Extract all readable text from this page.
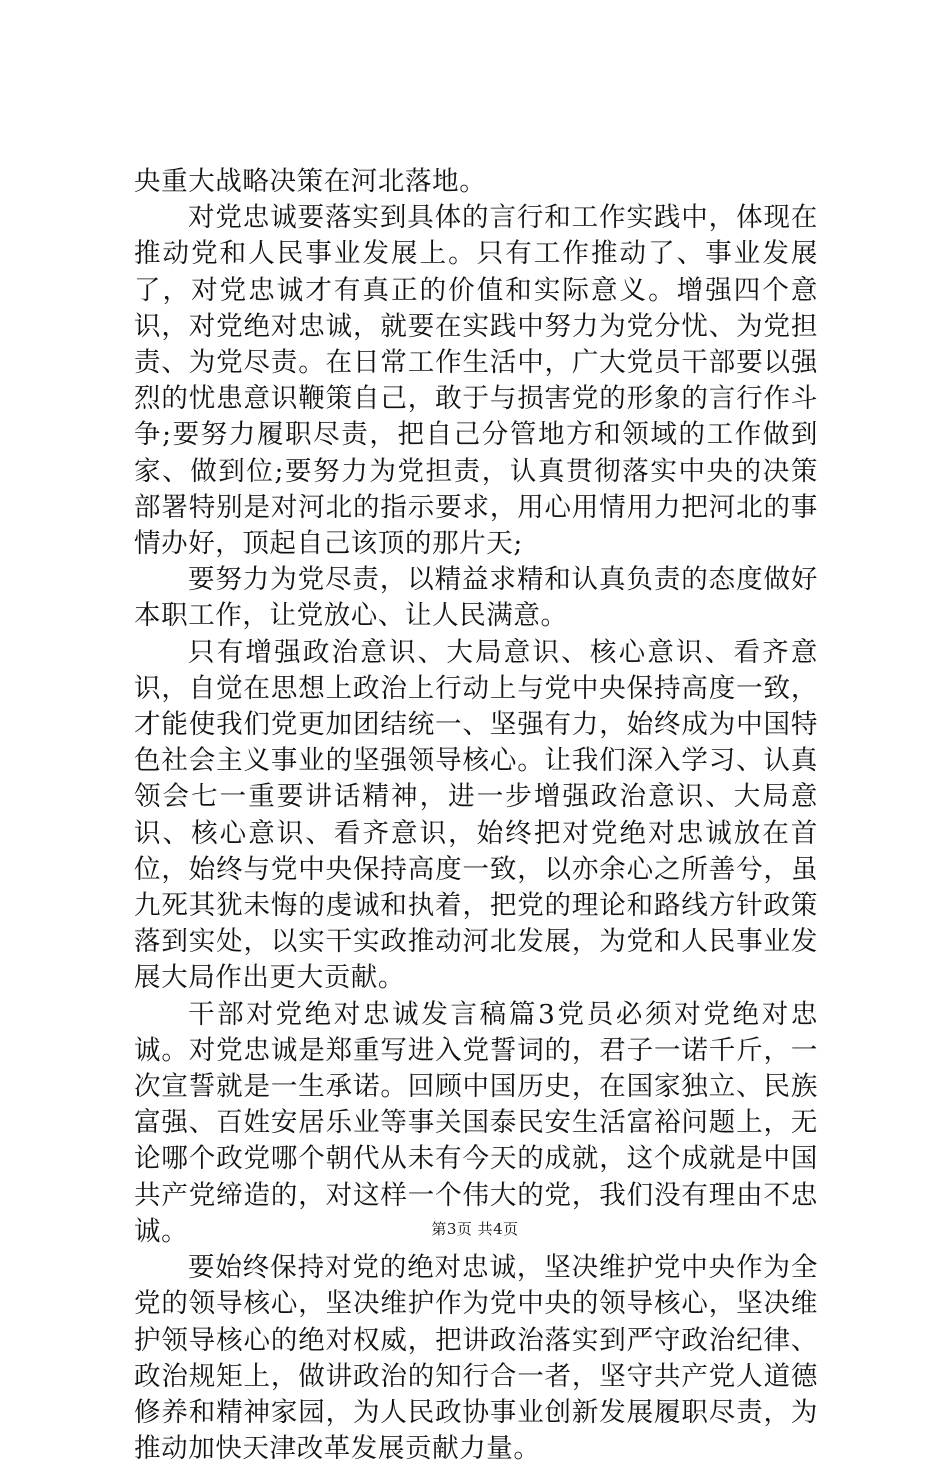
央重大战略决策在河北落地。

对党忠诚要落实到具体的言行和工作实践中，体现在推动党和人民事业发展上。只有工作推动了、事业发展了，对党忠诚才有真正的价值和实际意义。增强四个意识，对党绝对忠诚，就要在实践中努力为党分忧、为党担责、为党尽责。在日常工作生活中，广大党员干部要以强烈的忧患意识鞭策自己，敢于与损害党的形象的言行作斗争;要努力履职尽责，把自己分管地方和领域的工作做到家、做到位;要努力为党担责，认真贯彻落实中央的决策部署特别是对河北的指示要求，用心用情用力把河北的事情办好，顶起自己该顶的那片天;

要努力为党尽责，以精益求精和认真负责的态度做好本职工作，让党放心、让人民满意。

只有增强政治意识、大局意识、核心意识、看齐意识，自觉在思想上政治上行动上与党中央保持高度一致，才能使我们党更加团结统一、坚强有力，始终成为中国特色社会主义事业的坚强领导核心。让我们深入学习、认真领会七一重要讲话精神，进一步增强政治意识、大局意识、核心意识、看齐意识，始终把对党绝对忠诚放在首位，始终与党中央保持高度一致，以亦余心之所善兮，虽九死其犹未悔的虔诚和执着，把党的理论和路线方针政策落到实处，以实干实政推动河北发展，为党和人民事业发展大局作出更大贡献。

干部对党绝对忠诚发言稿篇3党员必须对党绝对忠诚。对党忠诚是郑重写进入党誓词的，君子一诺千斤，一次宣誓就是一生承诺。回顾中国历史，在国家独立、民族富强、百姓安居乐业等事关国泰民安生活富裕问题上，无论哪个政党哪个朝代从未有今天的成就，这个成就是中国共产党缔造的，对这样一个伟大的党，我们没有理由不忠诚。

要始终保持对党的绝对忠诚，坚决维护党中央作为全党的领导核心，坚决维护作为党中央的领导核心，坚决维护领导核心的绝对权威，把讲政治落实到严守政治纪律、政治规矩上，做讲政治的知行合一者，坚守共产党人道德修养和精神家园，为人民政协事业创新发展履职尽责，为推动加快天津改革发展贡献力量。

第3页 共4页
